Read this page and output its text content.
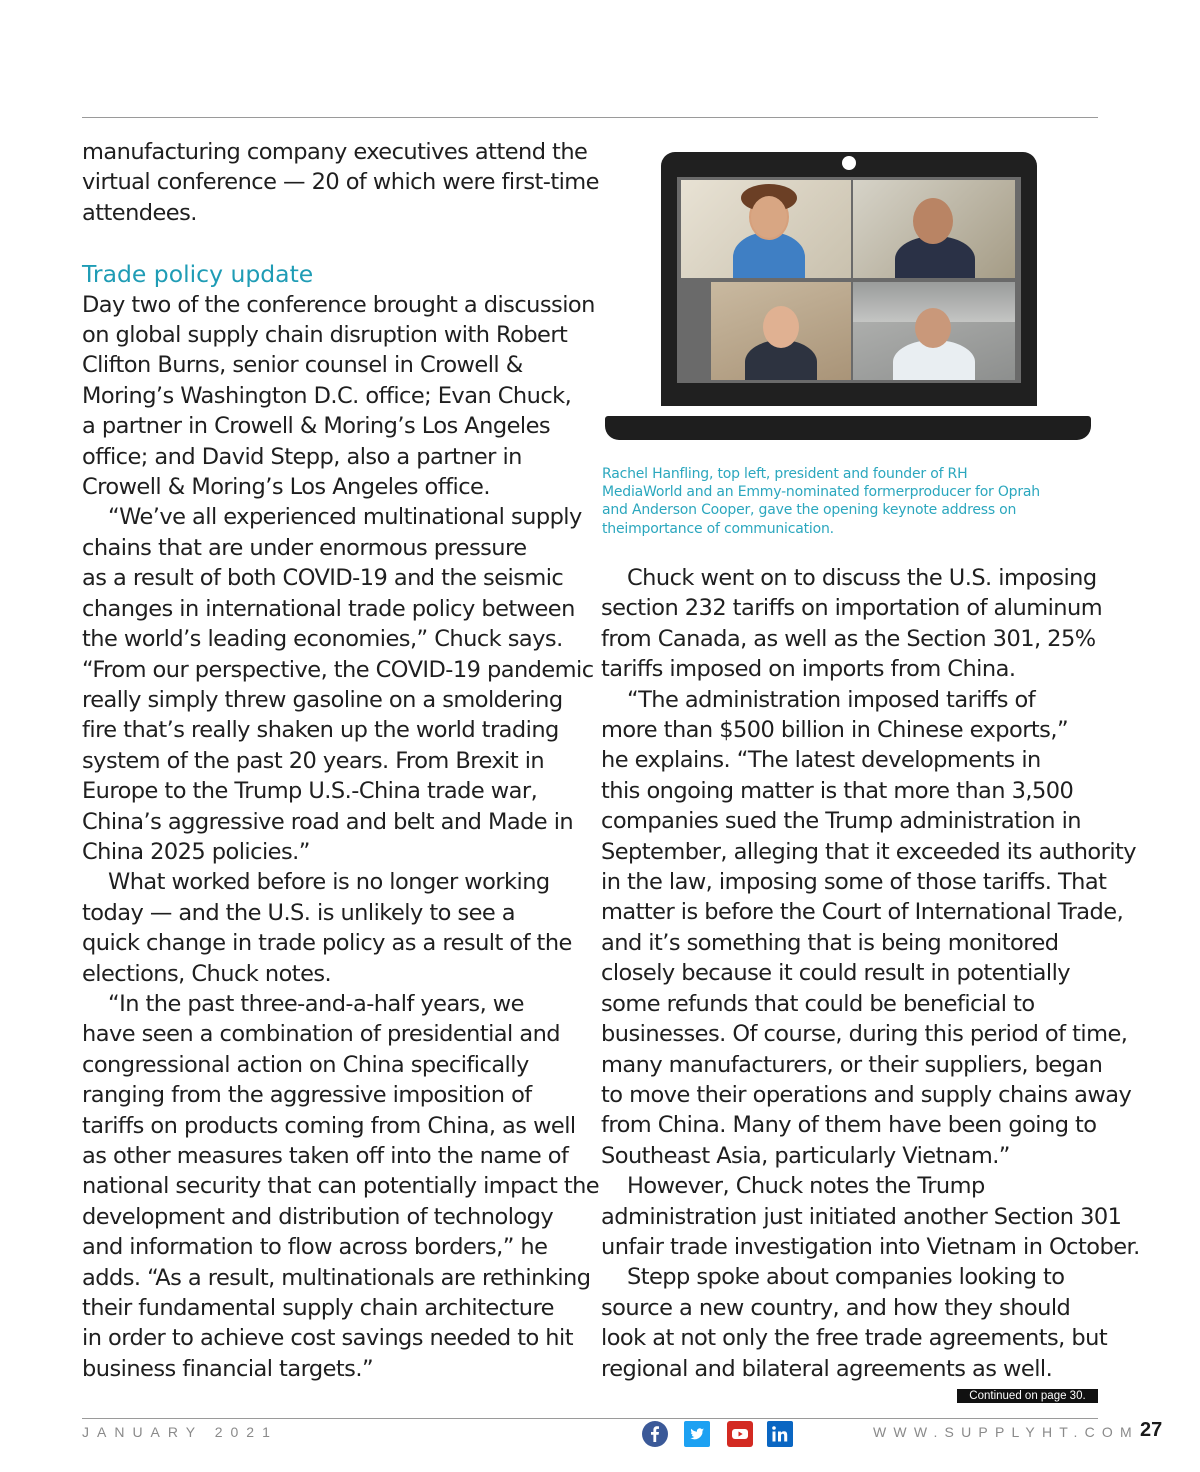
manufacturing company executives attend the

virtual conference — 20 of which were first-time

attendees.

Trade policy update

Day two of the conference brought a discussion

on global supply chain disruption with Robert

Clifton Burns, senior counsel in Crowell &

Moring’s Washington D.C. office; Evan Chuck,

a partner in Crowell & Moring’s Los Angeles

office; and David Stepp, also a partner in

Crowell & Moring’s Los Angeles office.

“We’ve all experienced multinational supply

chains that are under enormous pressure

as a result of both COVID-19 and the seismic

changes in international trade policy between

the world’s leading economies,” Chuck says.

“From our perspective, the COVID-19 pandemic

really simply threw gasoline on a smoldering

fire that’s really shaken up the world trading

system of the past 20 years. From Brexit in

Europe to the Trump U.S.-China trade war,

China’s aggressive road and belt and Made in

China 2025 policies.”

What worked before is no longer working

today — and the U.S. is unlikely to see a

quick change in trade policy as a result of the

elections, Chuck notes.

“In the past three-and-a-half years, we

have seen a combination of presidential and

congressional action on China specifically

ranging from the aggressive imposition of

tariffs on products coming from China, as well

as other measures taken off into the name of

national security that can potentially impact the

development and distribution of technology

and information to flow across borders,” he

adds. “As a result, multinationals are rethinking

their fundamental supply chain architecture

in order to achieve cost savings needed to hit

business financial targets.”

Rachel Hanfling, top left, president and founder of RH
MediaWorld and an Emmy-nominated formerproducer for Oprah
and Anderson Cooper, gave the opening keynote address on
theimportance of communication.

Chuck went on to discuss the U.S. imposing

section 232 tariffs on importation of aluminum

from Canada, as well as the Section 301, 25%

tariffs imposed on imports from China.

“The administration imposed tariffs of

more than $500 billion in Chinese exports,”

he explains. “The latest developments in

this ongoing matter is that more than 3,500

companies sued the Trump administration in

September, alleging that it exceeded its authority

in the law, imposing some of those tariffs. That

matter is before the Court of International Trade,

and it’s something that is being monitored

closely because it could result in potentially

some refunds that could be beneficial to

businesses. Of course, during this period of time,

many manufacturers, or their suppliers, began

to move their operations and supply chains away

from China. Many of them have been going to

Southeast Asia, particularly Vietnam.”

However, Chuck notes the Trump

administration just initiated another Section 301

unfair trade investigation into Vietnam in October.

Stepp spoke about companies looking to

source a new country, and how they should

look at not only the free trade agreements, but

regional and bilateral agreements as well.

Continued on page 30.
JANUARY 2021	WWW.SUPPLYHT.COM 27
